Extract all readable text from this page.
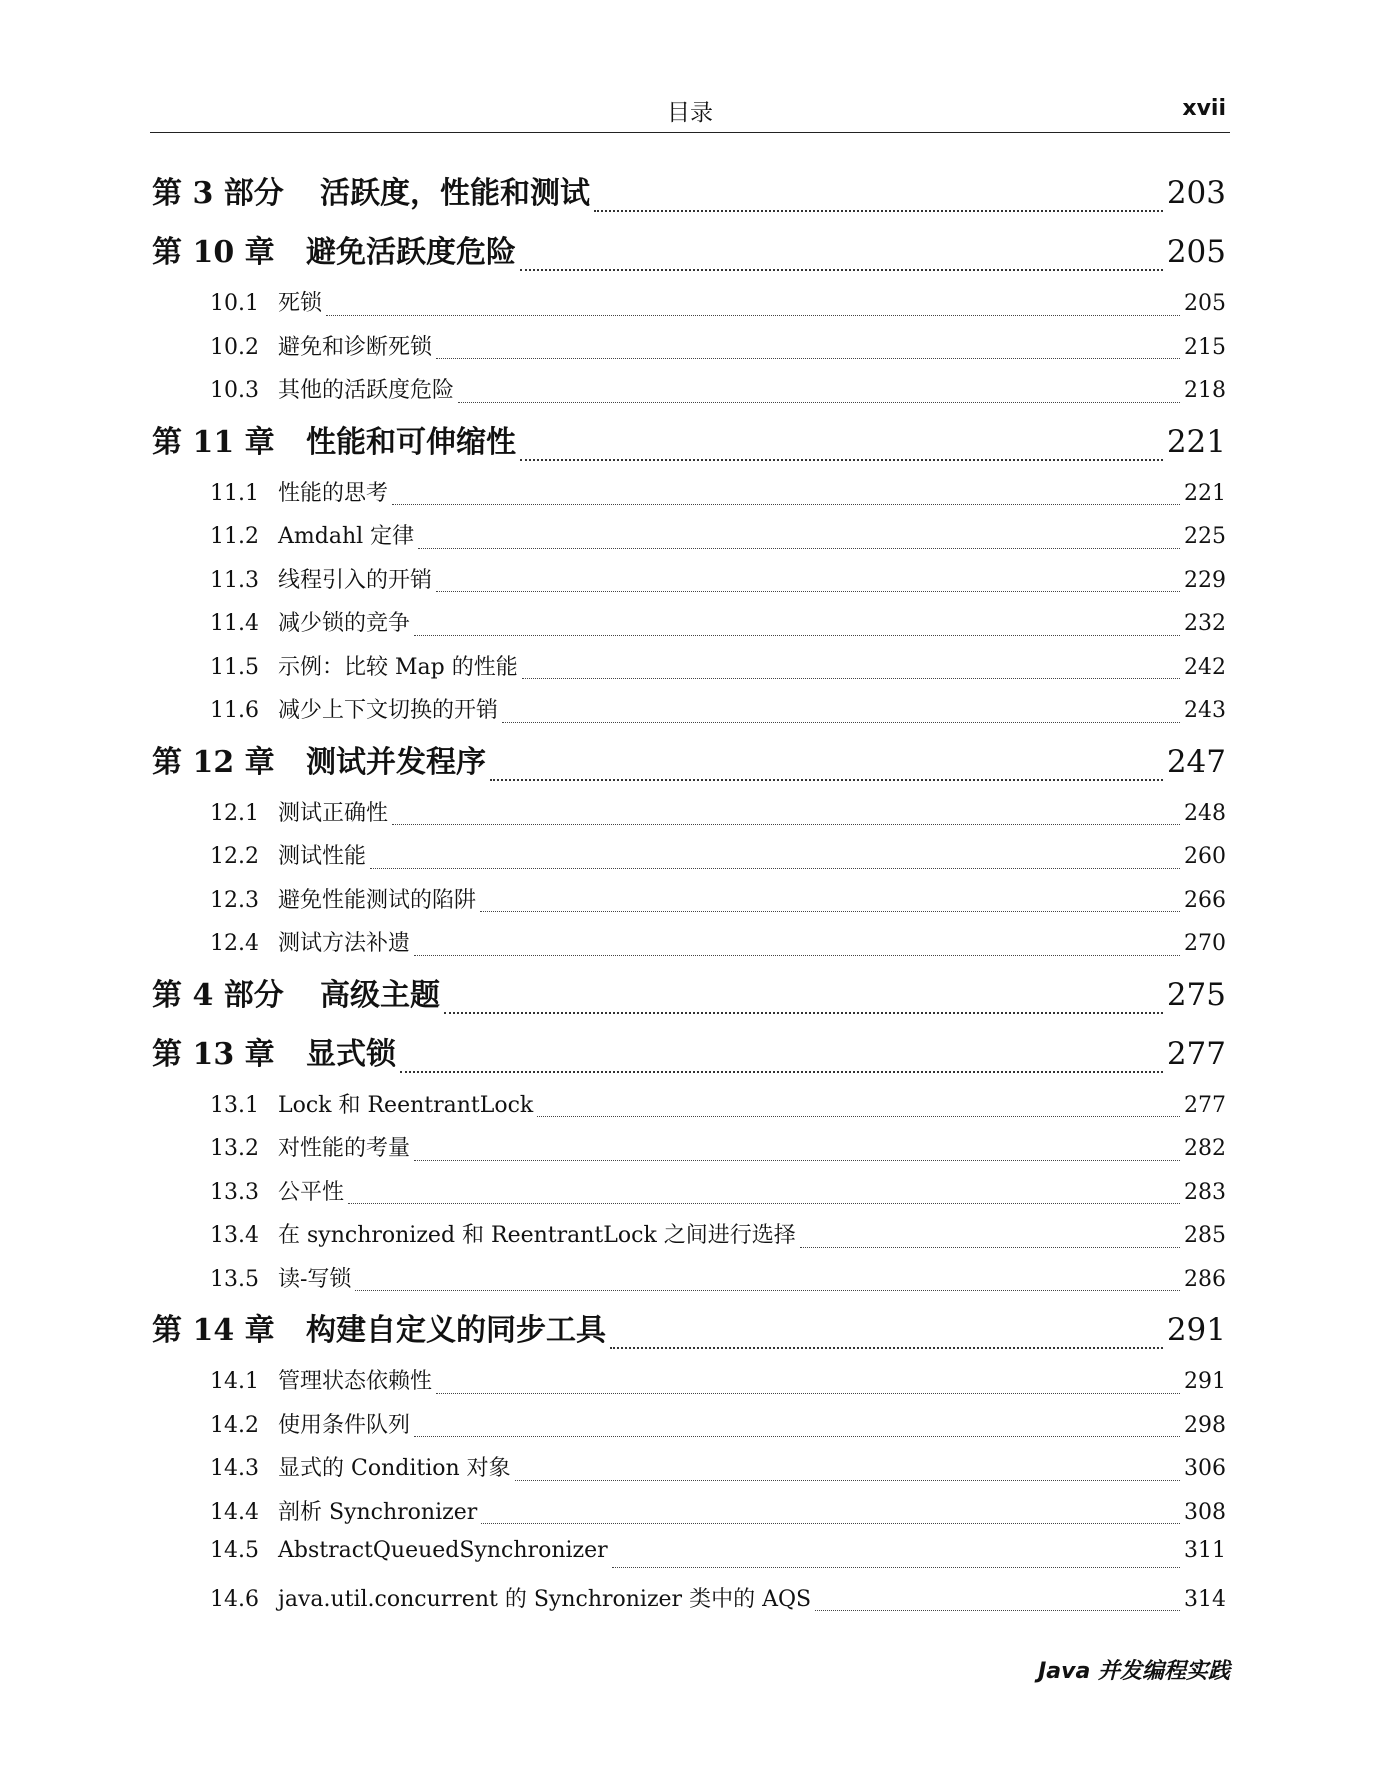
目录	xvii
第 3 部分 活跃度，性能和测试	203
第 10 章 避免活跃度危险	205
10.1 死锁	205
10.2 避免和诊断死锁	215
10.3 其他的活跃度危险	218
第 11 章 性能和可伸缩性	221
11.1 性能的思考	221
11.2 Amdahl 定律	225
11.3 线程引入的开销	229
11.4 减少锁的竞争	232
11.5 示例：比较 Map 的性能	242
11.6 减少上下文切换的开销	243
第 12 章 测试并发程序	247
12.1 测试正确性	248
12.2 测试性能	260
12.3 避免性能测试的陷阱	266
12.4 测试方法补遗	270
第 4 部分 高级主题	275
第 13 章 显式锁	277
13.1 Lock 和 ReentrantLock	277
13.2 对性能的考量	282
13.3 公平性	283
13.4 在 synchronized 和 ReentrantLock 之间进行选择	285
13.5 读-写锁	286
第 14 章 构建自定义的同步工具	291
14.1 管理状态依赖性	291
14.2 使用条件队列	298
14.3 显式的 Condition 对象	306
14.4 剖析 Synchronizer	308
14.5 AbstractQueuedSynchronizer	311
14.6 java.util.concurrent 的 Synchronizer 类中的 AQS	314
Java 并发编程实践
